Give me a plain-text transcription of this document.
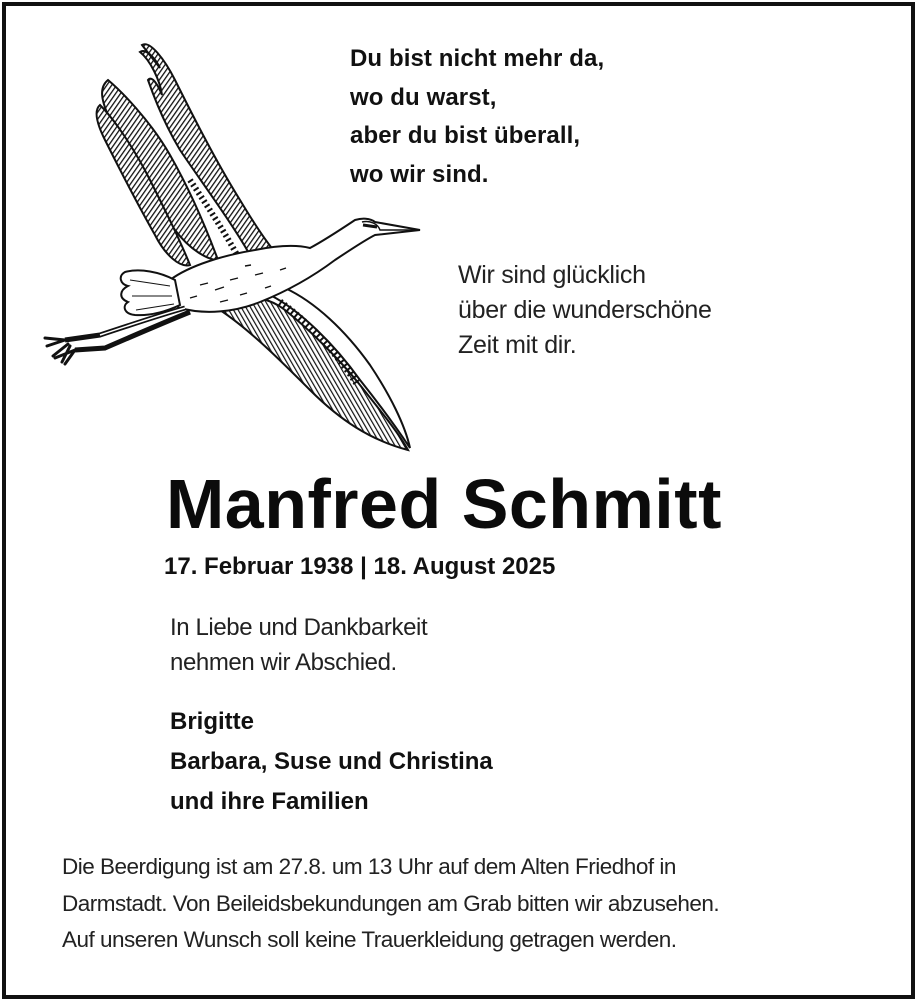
Du bist nicht mehr da,
wo du warst,
aber du bist überall,
wo wir sind.
Wir sind glücklich
über die wunderschöne
Zeit mit dir.
Manfred Schmitt
17. Februar 1938 | 18. August 2025
In Liebe und Dankbarkeit
nehmen wir Abschied.
Brigitte
Barbara, Suse und Christina
und ihre Familien
Die Beerdigung ist am 27.8. um 13 Uhr auf dem Alten Friedhof in
Darmstadt. Von Beileidsbekundungen am Grab bitten wir abzusehen.
Auf unseren Wunsch soll keine Trauerkleidung getragen werden.
